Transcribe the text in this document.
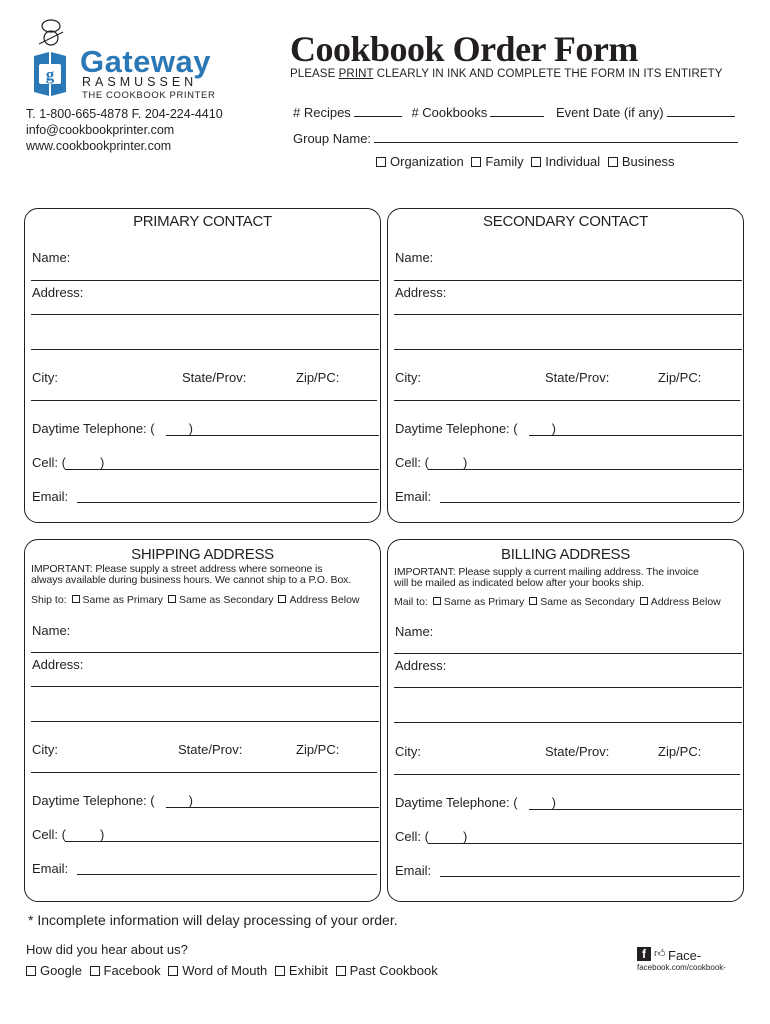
g Gateway
RASMUSSEN
THE COOKBOOK PRINTER
T. 1-800-665-4878 F. 204-224-4410
info@cookbookprinter.com
www.cookbookprinter.com
Cookbook Order Form
PLEASE PRINT CLEARLY IN INK AND COMPLETE THE FORM IN ITS ENTIRETY
# Recipes	# Cookbooks	Event Date (if any)
Group Name:
Organization Family Individual Business
PRIMARY CONTACT
Name:
Address:
City:	State/Prov:	Zip/PC:
Daytime Telephone: (	)
Cell: (	)
Email:
SECONDARY CONTACT
Name:
Address:
City:	State/Prov:	Zip/PC:
Daytime Telephone: (	)
Cell: (	)
Email:
SHIPPING ADDRESS
IMPORTANT: Please supply a street address where someone is
always available during business hours. We cannot ship to a P.O. Box.
Ship to: Same as Primary Same as Secondary Address Below
Name:
Address:
City:	State/Prov:	Zip/PC:
Daytime Telephone: (	)
Cell: (	)
Email:
BILLING ADDRESS
IMPORTANT: Please supply a current mailing address. The invoice
will be mailed as indicated below after your books ship.
Mail to: Same as Primary Same as Secondary Address Below
Name:
Address:
City:	State/Prov:	Zip/PC:
Daytime Telephone: (	)
Cell: (	)
Email:
* Incomplete information will delay processing of your order.
How did you hear about us?
Google Facebook Word of Mouth Exhibit Past Cookbook
f 👍︎ Face-
facebook.com/cookbook-
